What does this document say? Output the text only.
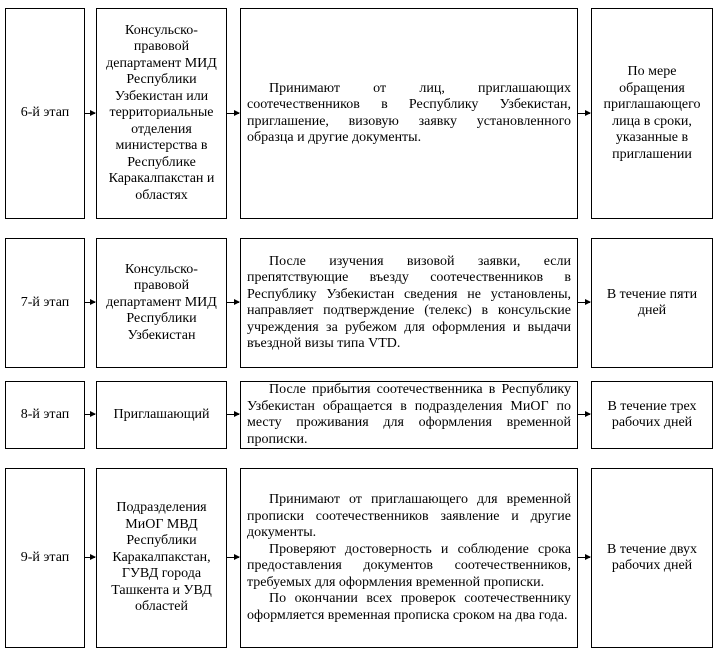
6-й этап
Консульско-правовой департамент МИД Республики Узбекистан или территориальные отделения министерства в Республике Каракалпакстан и областях

Принимают от лиц, приглашающих соотечественников в Республику Узбекистан, приглашение, визовую заявку установленного образца и другие документы.

По мере обращения приглашающего лица в сроки, указанные в приглашении
7-й этап
Консульско-правовой департамент МИД Республики Узбекистан

После изучения визовой заявки, если препятствующие въезду соотечественников в Республику Узбекистан сведения не установлены, направляет подтверждение (телекс) в консульские учреждения за рубежом для оформления и выдачи въездной визы типа VTD.

В течение пяти дней
8-й этап	Приглашающий

После прибытия соотечественника в Республику Узбекистан обращается в подразделения МиОГ по месту проживания для оформления временной прописки.

В течение трех рабочих дней
9-й этап
Подразделения МиОГ МВД Республики Каракалпакстан, ГУВД города Ташкента и УВД областей

Принимают от приглашающего для временной прописки соотечественников заявление и другие документы.

Проверяют достоверность и соблюдение срока предоставления документов соотечественников, требуемых для оформления временной прописки.

По окончании всех проверок соотечественнику оформляется временная прописка сроком на два года.

В течение двух рабочих дней
